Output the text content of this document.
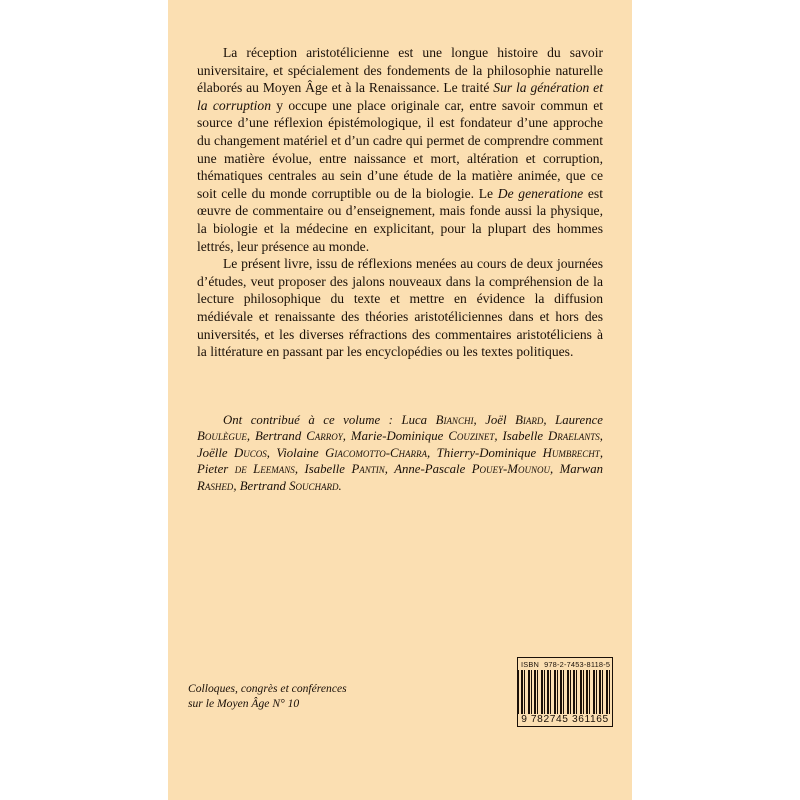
La réception aristotélicienne est une longue histoire du savoir universitaire, et spécialement des fondements de la philosophie naturelle élaborés au Moyen Âge et à la Renaissance. Le traité Sur la génération et la corruption y occupe une place originale car, entre savoir commun et source d’une réflexion épistémologique, il est fondateur d’une approche du changement matériel et d’un cadre qui permet de comprendre comment une matière évolue, entre naissance et mort, altération et corruption, thématiques centrales au sein d’une étude de la matière animée, que ce soit celle du monde corruptible ou de la biologie. Le De generatione est œuvre de commentaire ou d’enseignement, mais fonde aussi la physique, la biologie et la médecine en explicitant, pour la plupart des hommes lettrés, leur présence au monde.

Le présent livre, issu de réflexions menées au cours de deux journées d’études, veut proposer des jalons nouveaux dans la compréhension de la lecture philosophique du texte et mettre en évidence la diffusion médiévale et renaissante des théories aristotéliciennes dans et hors des universités, et les diverses réfractions des commentaires aristotéliciens à la littérature en passant par les encyclopédies ou les textes politiques.

Ont contribué à ce volume : Luca Bianchi, Joël Biard, Laurence Boulègue, Bertrand Carroy, Marie-Dominique Couzinet, Isabelle Draelants, Joëlle Ducos, Violaine Giacomotto-Charra, Thierry-Dominique Humbrecht, Pieter de Leemans, Isabelle Pantin, Anne-Pascale Pouey-Mounou, Marwan Rashed, Bertrand Souchard.
Colloques, congrès et conférences
sur le Moyen Âge N° 10
ISBN 978-2-7453-8118-5
9 782745 361165
